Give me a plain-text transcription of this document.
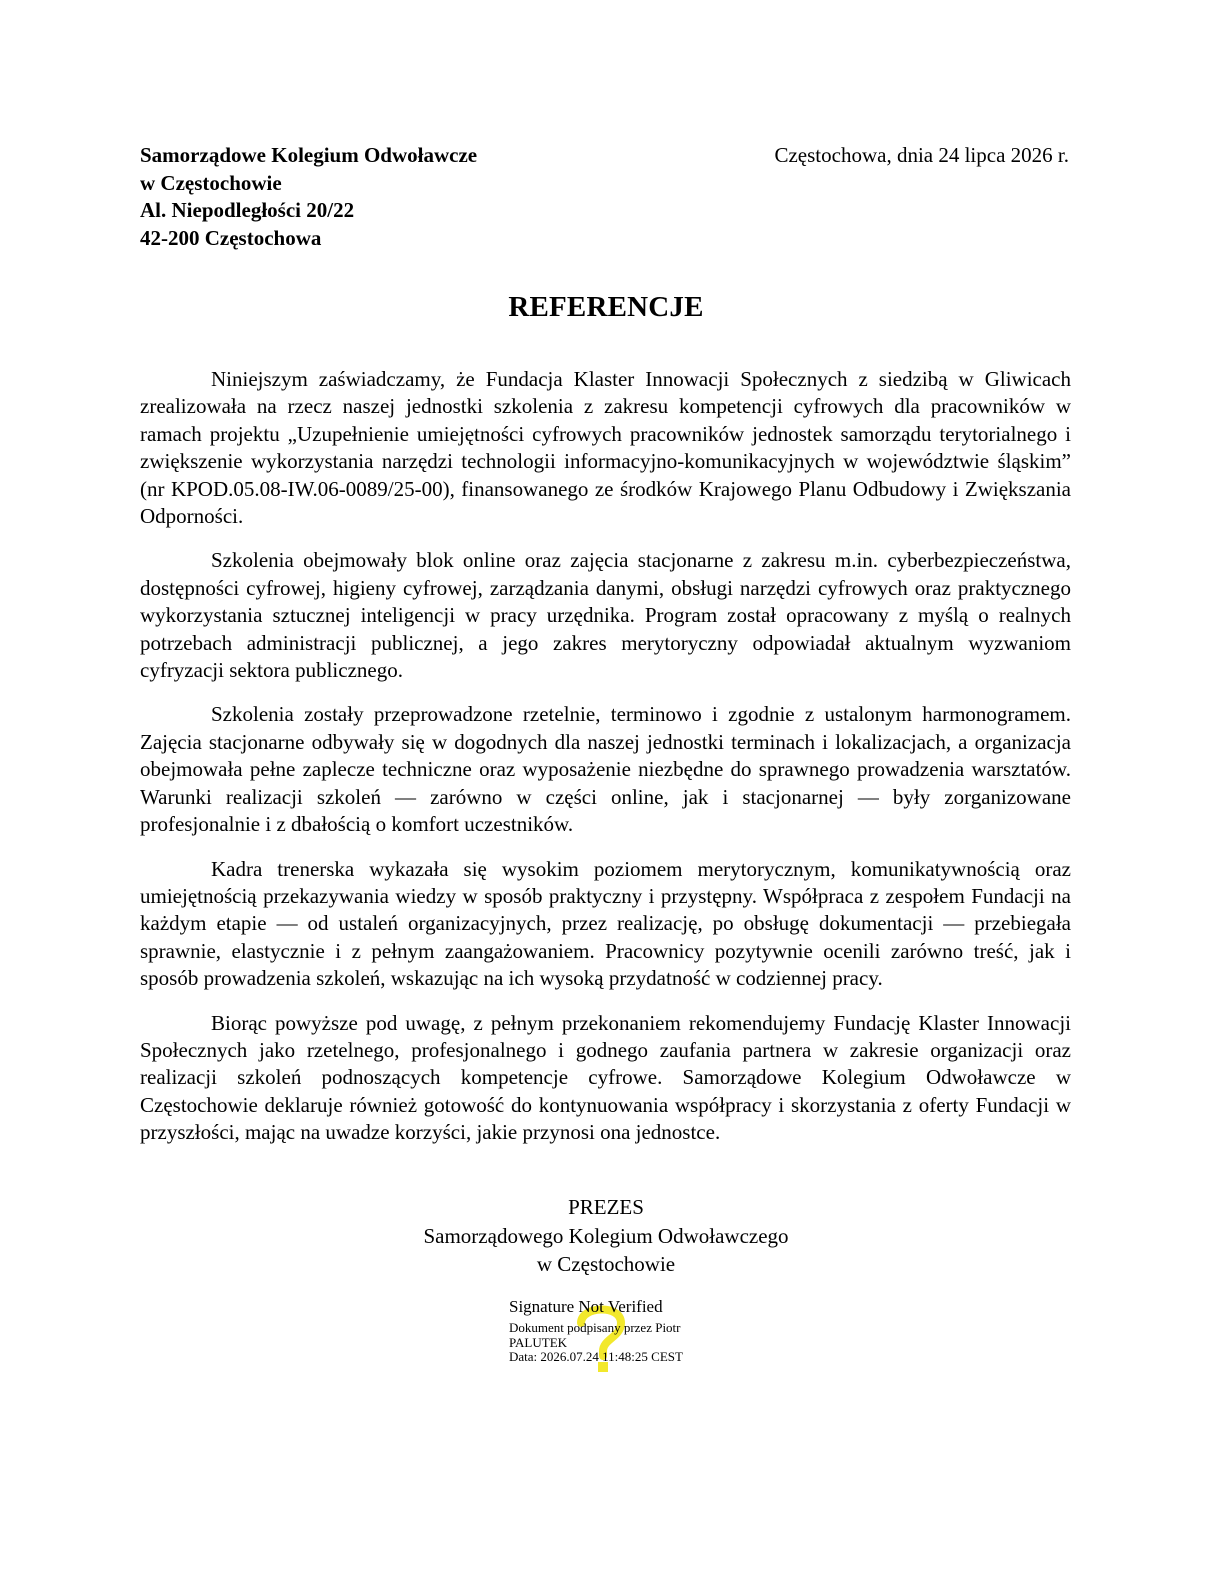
Samorządowe Kolegium Odwoławcze
w Częstochowie
Al. Niepodległości 20/22
42-200 Częstochowa
Częstochowa, dnia 24 lipca 2026 r.
REFERENCJE

Niniejszym zaświadczamy, że Fundacja Klaster Innowacji Społecznych z siedzibą w Gliwicach zrealizowała na rzecz naszej jednostki szkolenia z zakresu kompetencji cyfrowych dla pracowników w ramach projektu „Uzupełnienie umiejętności cyfrowych pracowników jednostek samorządu terytorialnego i zwiększenie wykorzystania narzędzi technologii informacyjno-komunikacyjnych w województwie śląskim” (nr KPOD.05.08-IW.06-0089/25-00), finansowanego ze środków Krajowego Planu Odbudowy i Zwiększania Odporności.

Szkolenia obejmowały blok online oraz zajęcia stacjonarne z zakresu m.in. cyberbezpieczeństwa, dostępności cyfrowej, higieny cyfrowej, zarządzania danymi, obsługi narzędzi cyfrowych oraz praktycznego wykorzystania sztucznej inteligencji w pracy urzędnika. Program został opracowany z myślą o realnych potrzebach administracji publicznej, a jego zakres merytoryczny odpowiadał aktualnym wyzwaniom cyfryzacji sektora publicznego.

Szkolenia zostały przeprowadzone rzetelnie, terminowo i zgodnie z ustalonym harmonogramem. Zajęcia stacjonarne odbywały się w dogodnych dla naszej jednostki terminach i lokalizacjach, a organizacja obejmowała pełne zaplecze techniczne oraz wyposażenie niezbędne do sprawnego prowadzenia warsztatów. Warunki realizacji szkoleń — zarówno w części online, jak i stacjonarnej — były zorganizowane profesjonalnie i z dbałością o komfort uczestników.

Kadra trenerska wykazała się wysokim poziomem merytorycznym, komunikatywnością oraz umiejętnością przekazywania wiedzy w sposób praktyczny i przystępny. Współpraca z zespołem Fundacji na każdym etapie — od ustaleń organizacyjnych, przez realizację, po obsługę dokumentacji — przebiegała sprawnie, elastycznie i z pełnym zaangażowaniem. Pracownicy pozytywnie ocenili zarówno treść, jak i sposób prowadzenia szkoleń, wskazując na ich wysoką przydatność w codziennej pracy.

Biorąc powyższe pod uwagę, z pełnym przekonaniem rekomendujemy Fundację Klaster Innowacji Społecznych jako rzetelnego, profesjonalnego i godnego zaufania partnera w zakresie organizacji oraz realizacji szkoleń podnoszących kompetencje cyfrowe. Samorządowe Kolegium Odwoławcze w Częstochowie deklaruje również gotowość do kontynuowania współpracy i skorzystania z oferty Fundacji w przyszłości, mając na uwadze korzyści, jakie przynosi ona jednostce.

PREZES
Samorządowego Kolegium Odwoławczego
w Częstochowie
Signature Not Verified
Dokument podpisany przez Piotr
PALUTEK
Data: 2026.07.24 11:48:25 CEST
